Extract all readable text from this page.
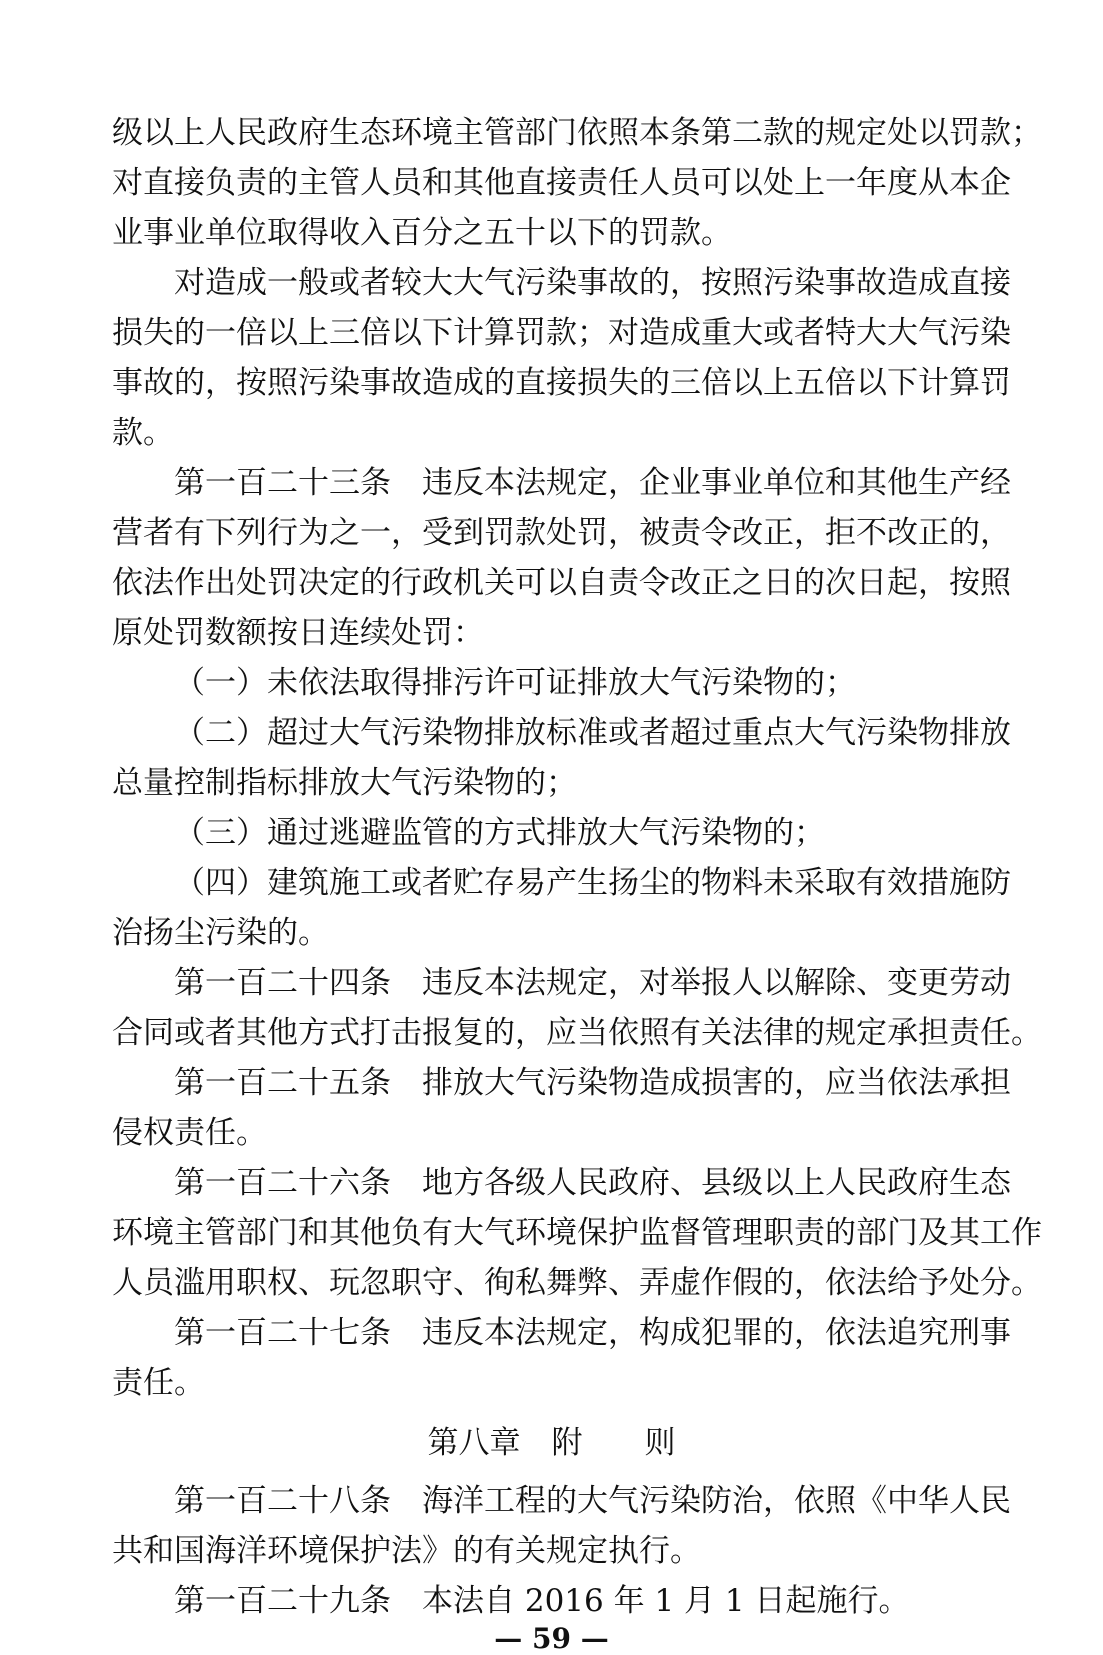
级以上人民政府生态环境主管部门依照本条第二款的规定处以罚款；
对直接负责的主管人员和其他直接责任人员可以处上一年度从本企
业事业单位取得收入百分之五十以下的罚款。
对造成一般或者较大大气污染事故的，按照污染事故造成直接
损失的一倍以上三倍以下计算罚款；对造成重大或者特大大气污染
事故的，按照污染事故造成的直接损失的三倍以上五倍以下计算罚
款。
第一百二十三条　违反本法规定，企业事业单位和其他生产经
营者有下列行为之一，受到罚款处罚，被责令改正，拒不改正的，
依法作出处罚决定的行政机关可以自责令改正之日的次日起，按照
原处罚数额按日连续处罚：
（一）未依法取得排污许可证排放大气污染物的；
（二）超过大气污染物排放标准或者超过重点大气污染物排放
总量控制指标排放大气污染物的；
（三）通过逃避监管的方式排放大气污染物的；
（四）建筑施工或者贮存易产生扬尘的物料未采取有效措施防
治扬尘污染的。
第一百二十四条　违反本法规定，对举报人以解除、变更劳动
合同或者其他方式打击报复的，应当依照有关法律的规定承担责任。
第一百二十五条　排放大气污染物造成损害的，应当依法承担
侵权责任。
第一百二十六条　地方各级人民政府、县级以上人民政府生态
环境主管部门和其他负有大气环境保护监督管理职责的部门及其工作
人员滥用职权、玩忽职守、徇私舞弊、弄虚作假的，依法给予处分。
第一百二十七条　违反本法规定，构成犯罪的，依法追究刑事
责任。
第八章　附　　则
第一百二十八条　海洋工程的大气污染防治，依照《中华人民
共和国海洋环境保护法》的有关规定执行。
第一百二十九条　本法自 2016 年 1 月 1 日起施行。
— 59 —
